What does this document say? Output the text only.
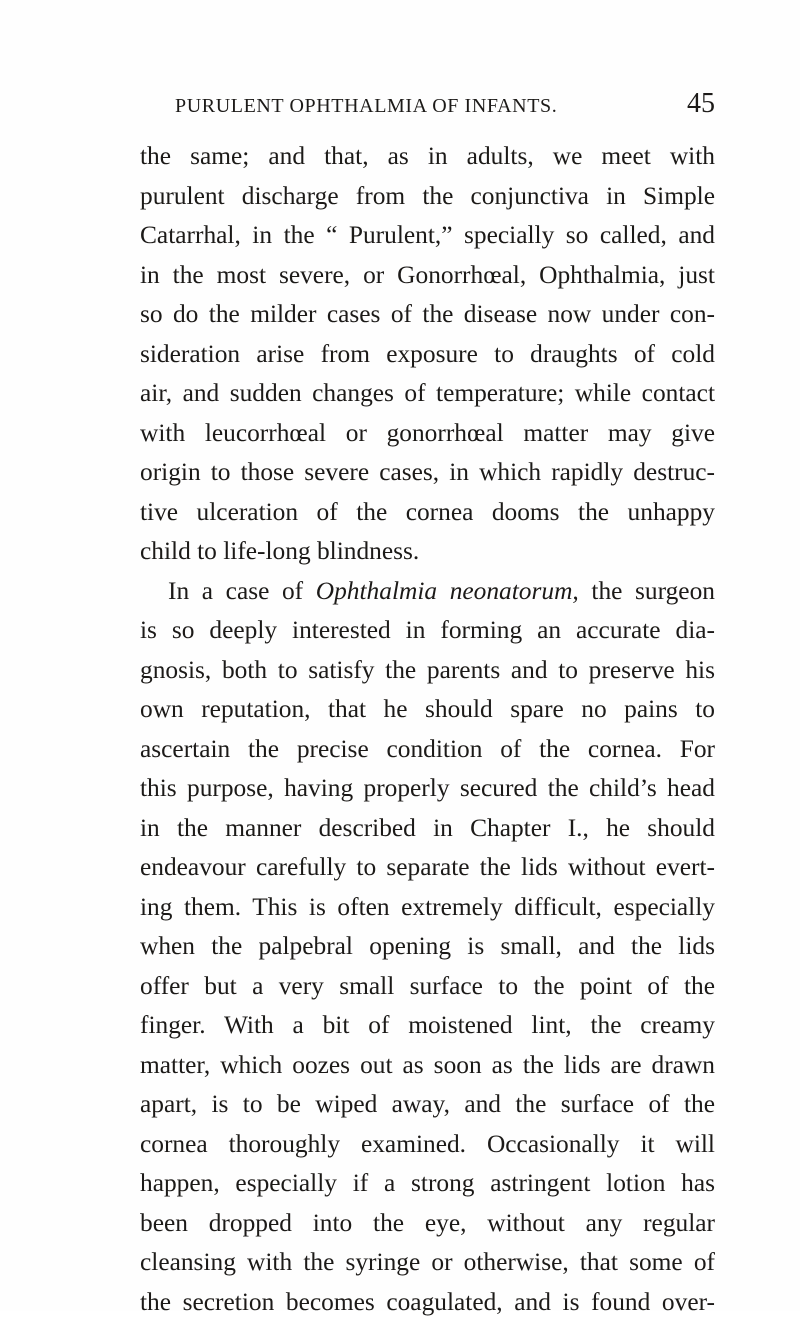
PURULENT OPHTHALMIA OF INFANTS.	45
the same; and that, as in adults, we meet with
purulent discharge from the conjunctiva in Simple
Catarrhal, in the “ Purulent,” specially so called, and
in the most severe, or Gonorrhœal, Ophthalmia, just
so do the milder cases of the disease now under con-
sideration arise from exposure to draughts of cold
air, and sudden changes of temperature; while contact
with leucorrhœal or gonorrhœal matter may give
origin to those severe cases, in which rapidly destruc-
tive ulceration of the cornea dooms the unhappy
child to life-long blindness.
In a case of Ophthalmia neonatorum, the surgeon
is so deeply interested in forming an accurate dia-
gnosis, both to satisfy the parents and to preserve his
own reputation, that he should spare no pains to
ascertain the precise condition of the cornea. For
this purpose, having properly secured the child’s head
in the manner described in Chapter I., he should
endeavour carefully to separate the lids without evert-
ing them. This is often extremely difficult, especially
when the palpebral opening is small, and the lids
offer but a very small surface to the point of the
finger. With a bit of moistened lint, the creamy
matter, which oozes out as soon as the lids are drawn
apart, is to be wiped away, and the surface of the
cornea thoroughly examined. Occasionally it will
happen, especially if a strong astringent lotion has
been dropped into the eye, without any regular
cleansing with the syringe or otherwise, that some of
the secretion becomes coagulated, and is found over-
